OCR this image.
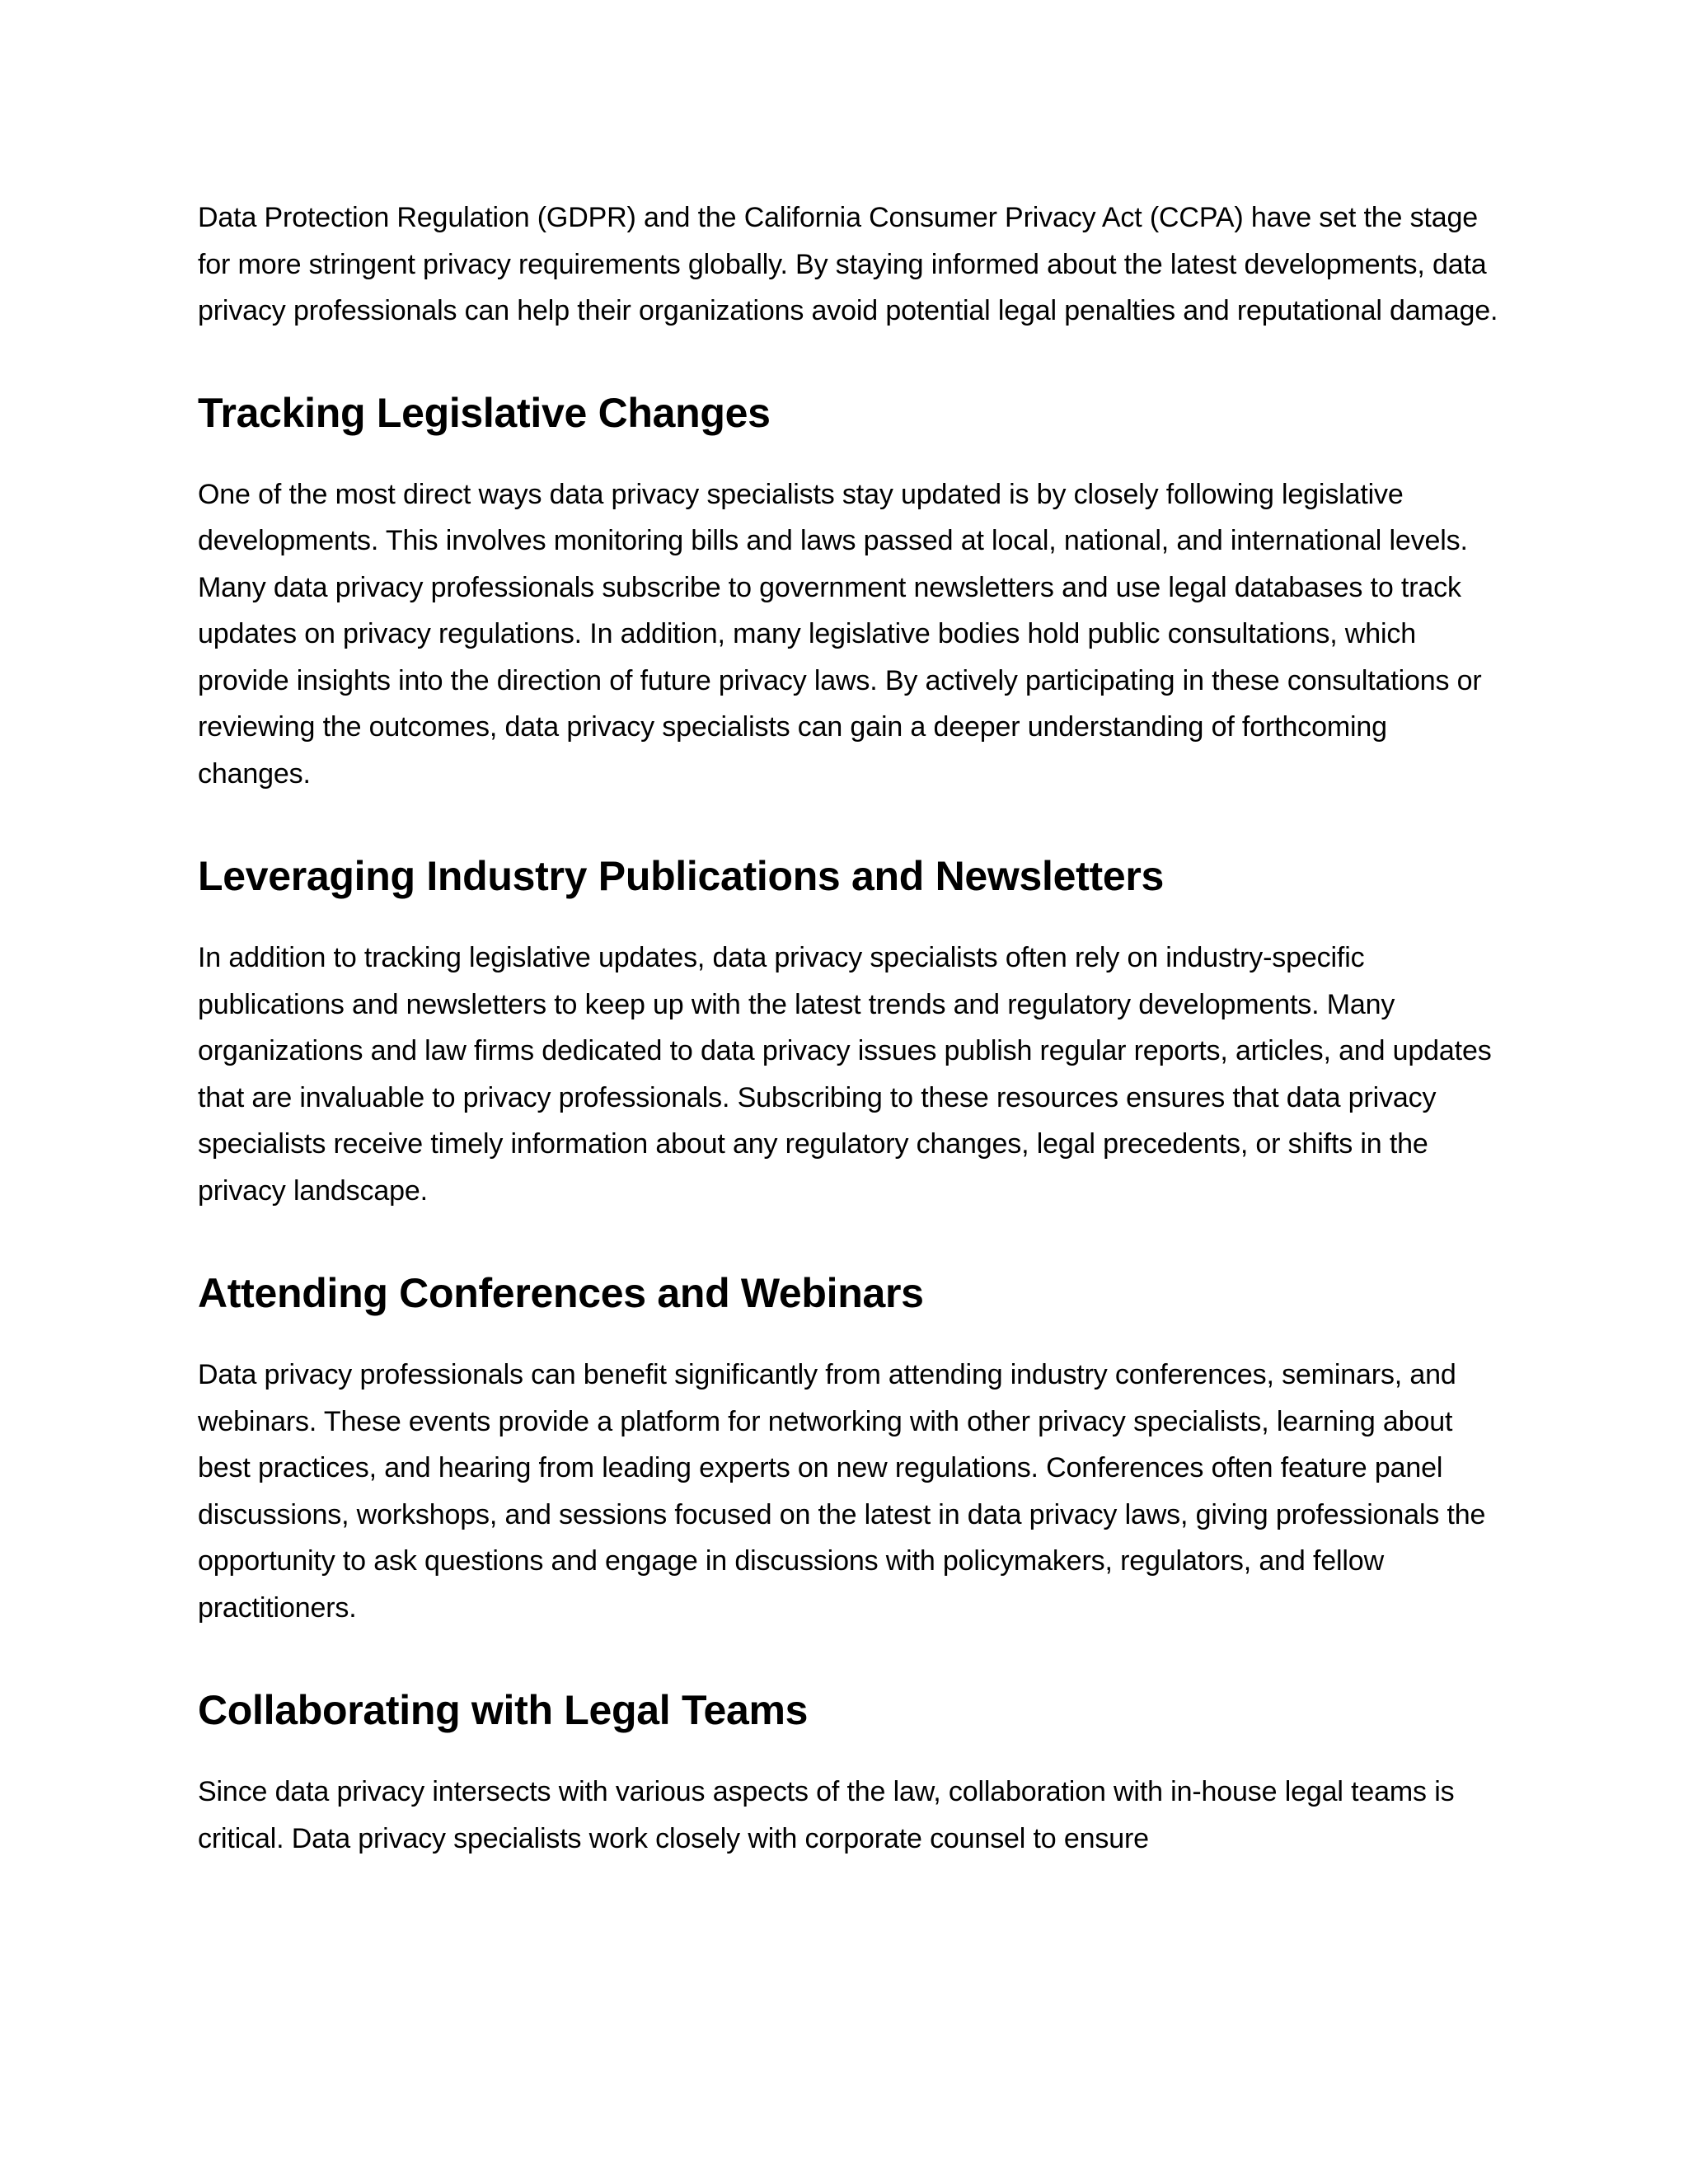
Data Protection Regulation (GDPR) and the California Consumer Privacy Act (CCPA) have set the stage for more stringent privacy requirements globally. By staying informed about the latest developments, data privacy professionals can help their organizations avoid potential legal penalties and reputational damage.

Tracking Legislative Changes

One of the most direct ways data privacy specialists stay updated is by closely following legislative developments. This involves monitoring bills and laws passed at local, national, and international levels. Many data privacy professionals subscribe to government newsletters and use legal databases to track updates on privacy regulations. In addition, many legislative bodies hold public consultations, which provide insights into the direction of future privacy laws. By actively participating in these consultations or reviewing the outcomes, data privacy specialists can gain a deeper understanding of forthcoming changes.

Leveraging Industry Publications and Newsletters

In addition to tracking legislative updates, data privacy specialists often rely on industry-specific publications and newsletters to keep up with the latest trends and regulatory developments. Many organizations and law firms dedicated to data privacy issues publish regular reports, articles, and updates that are invaluable to privacy professionals. Subscribing to these resources ensures that data privacy specialists receive timely information about any regulatory changes, legal precedents, or shifts in the privacy landscape.

Attending Conferences and Webinars

Data privacy professionals can benefit significantly from attending industry conferences, seminars, and webinars. These events provide a platform for networking with other privacy specialists, learning about best practices, and hearing from leading experts on new regulations. Conferences often feature panel discussions, workshops, and sessions focused on the latest in data privacy laws, giving professionals the opportunity to ask questions and engage in discussions with policymakers, regulators, and fellow practitioners.

Collaborating with Legal Teams

Since data privacy intersects with various aspects of the law, collaboration with in-house legal teams is critical. Data privacy specialists work closely with corporate counsel to ensure
